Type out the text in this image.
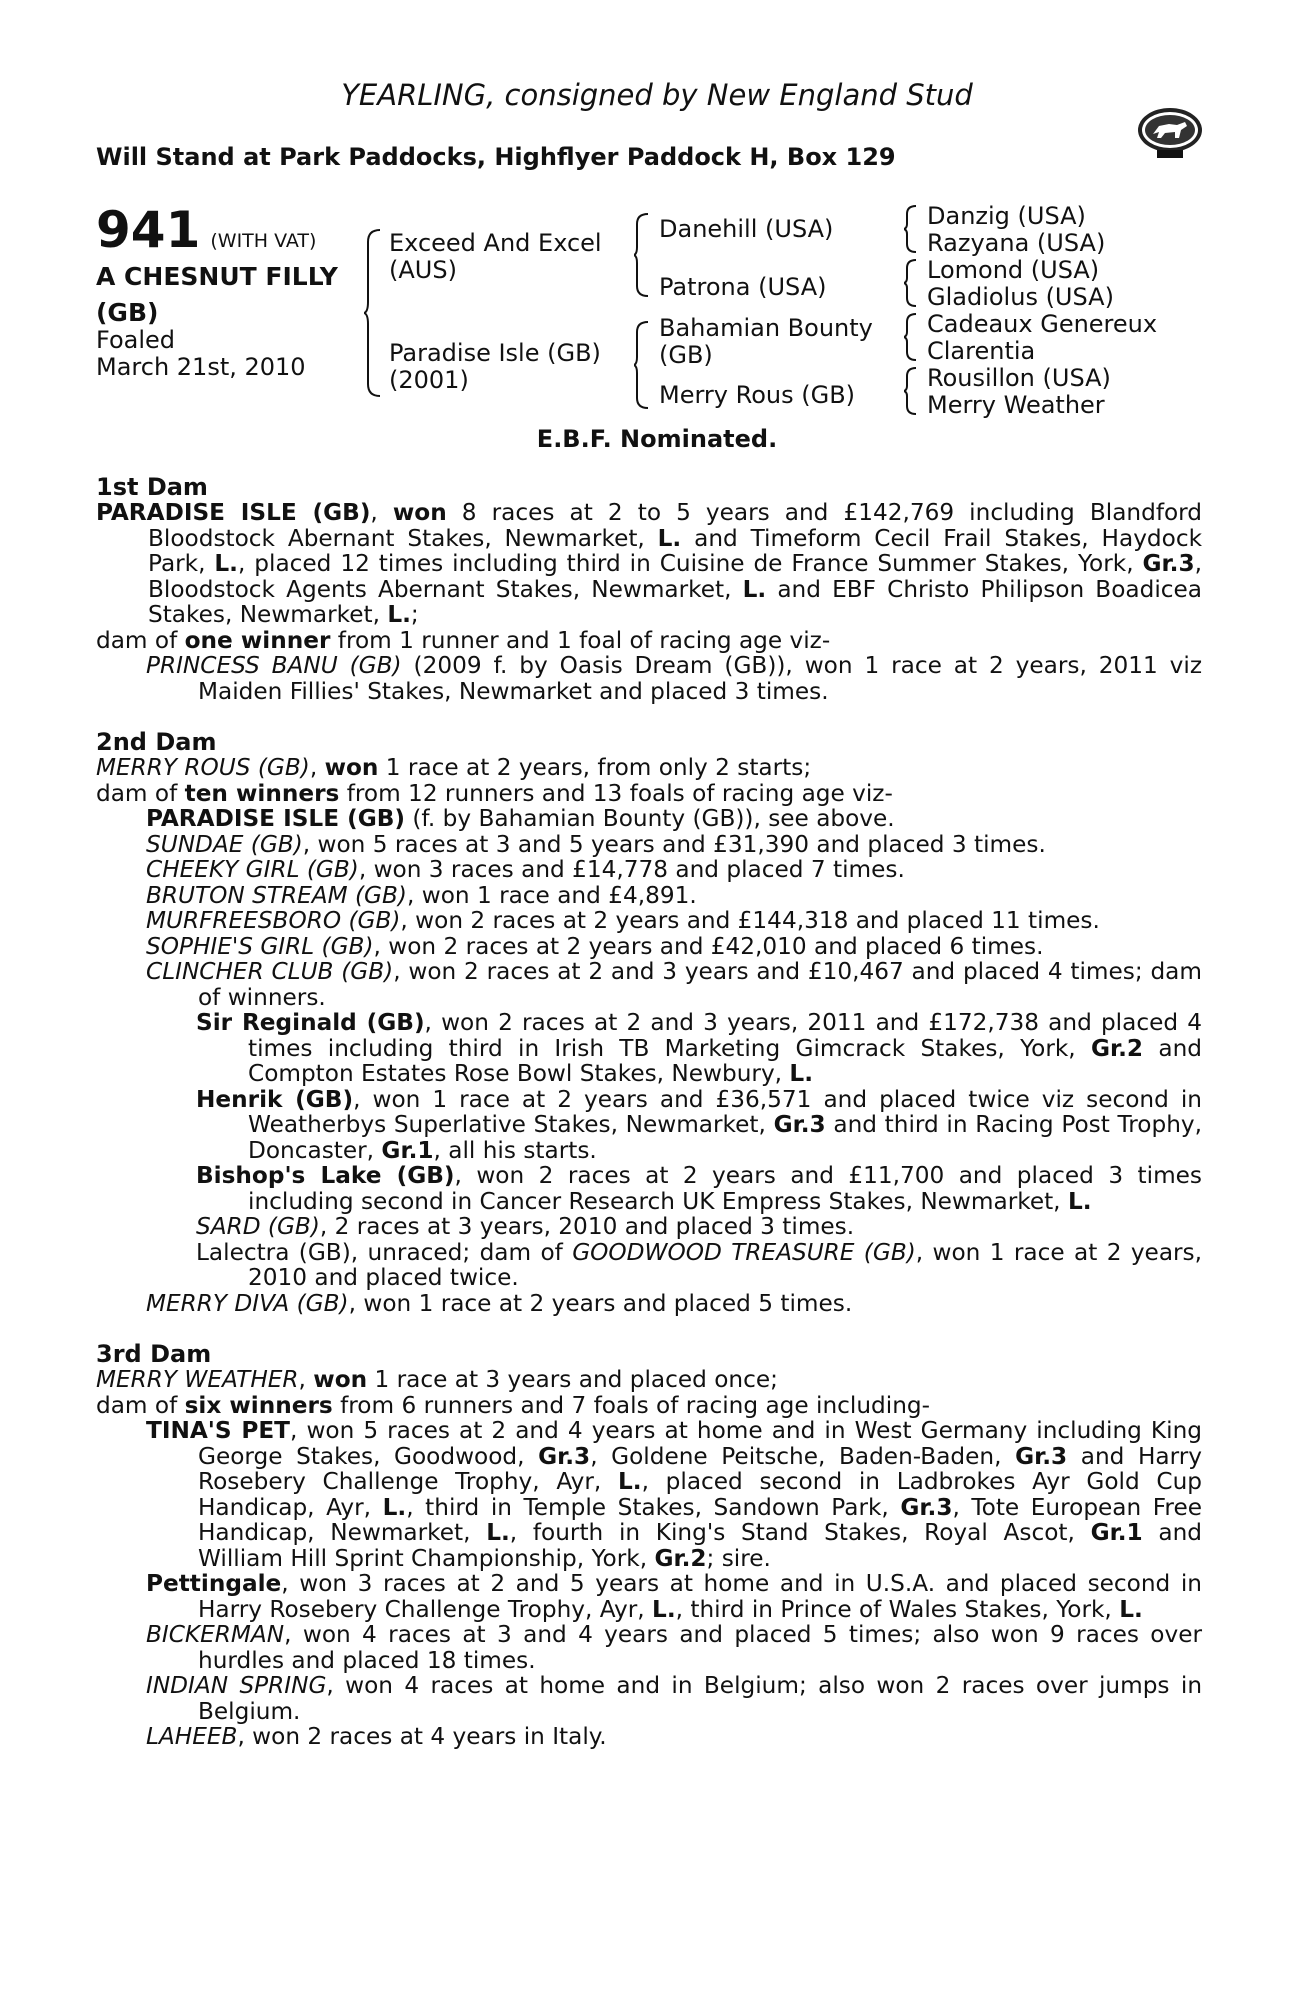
YEARLING, consigned by New England Stud
Will Stand at Park Paddocks, Highflyer Paddock H, Box 129
941 (WITH VAT)
A CHESNUT FILLY
(GB)
Foaled
March 21st, 2010
Exceed And Excel
(AUS)
Paradise Isle (GB)
(2001)
Danehill (USA)
Patrona (USA)
Bahamian Bounty
(GB)
Merry Rous (GB)
Danzig (USA)
Razyana (USA)
Lomond (USA)
Gladiolus (USA)
Cadeaux Genereux
Clarentia
Rousillon (USA)
Merry Weather
E.B.F. Nominated.
1st Dam
PARADISE ISLE (GB), won 8 races at 2 to 5 years and £142,769 including Blandford Bloodstock Abernant Stakes, Newmarket, L. and Timeform Cecil Frail Stakes, Haydock Park, L., placed 12 times including third in Cuisine de France Summer Stakes, York, Gr.3, Bloodstock Agents Abernant Stakes, Newmarket, L. and EBF Christo Philipson Boadicea Stakes, Newmarket, L.;
dam of one winner from 1 runner and 1 foal of racing age viz-
PRINCESS BANU (GB) (2009 f. by Oasis Dream (GB)), won 1 race at 2 years, 2011 viz Maiden Fillies' Stakes, Newmarket and placed 3 times.
2nd Dam
MERRY ROUS (GB), won 1 race at 2 years, from only 2 starts;
dam of ten winners from 12 runners and 13 foals of racing age viz-
PARADISE ISLE (GB) (f. by Bahamian Bounty (GB)), see above.
SUNDAE (GB), won 5 races at 3 and 5 years and £31,390 and placed 3 times.
CHEEKY GIRL (GB), won 3 races and £14,778 and placed 7 times.
BRUTON STREAM (GB), won 1 race and £4,891.
MURFREESBORO (GB), won 2 races at 2 years and £144,318 and placed 11 times.
SOPHIE'S GIRL (GB), won 2 races at 2 years and £42,010 and placed 6 times.
CLINCHER CLUB (GB), won 2 races at 2 and 3 years and £10,467 and placed 4 times; dam of winners.
Sir Reginald (GB), won 2 races at 2 and 3 years, 2011 and £172,738 and placed 4 times including third in Irish TB Marketing Gimcrack Stakes, York, Gr.2 and Compton Estates Rose Bowl Stakes, Newbury, L.
Henrik (GB), won 1 race at 2 years and £36,571 and placed twice viz second in Weatherbys Superlative Stakes, Newmarket, Gr.3 and third in Racing Post Trophy, Doncaster, Gr.1, all his starts.
Bishop's Lake (GB), won 2 races at 2 years and £11,700 and placed 3 times including second in Cancer Research UK Empress Stakes, Newmarket, L.
SARD (GB), 2 races at 3 years, 2010 and placed 3 times.
Lalectra (GB), unraced; dam of GOODWOOD TREASURE (GB), won 1 race at 2 years, 2010 and placed twice.
MERRY DIVA (GB), won 1 race at 2 years and placed 5 times.
3rd Dam
MERRY WEATHER, won 1 race at 3 years and placed once;
dam of six winners from 6 runners and 7 foals of racing age including-
TINA'S PET, won 5 races at 2 and 4 years at home and in West Germany including King George Stakes, Goodwood, Gr.3, Goldene Peitsche, Baden-Baden, Gr.3 and Harry Rosebery Challenge Trophy, Ayr, L., placed second in Ladbrokes Ayr Gold Cup Handicap, Ayr, L., third in Temple Stakes, Sandown Park, Gr.3, Tote European Free Handicap, Newmarket, L., fourth in King's Stand Stakes, Royal Ascot, Gr.1 and William Hill Sprint Championship, York, Gr.2; sire.
Pettingale, won 3 races at 2 and 5 years at home and in U.S.A. and placed second in Harry Rosebery Challenge Trophy, Ayr, L., third in Prince of Wales Stakes, York, L.
BICKERMAN, won 4 races at 3 and 4 years and placed 5 times; also won 9 races over hurdles and placed 18 times.
INDIAN SPRING, won 4 races at home and in Belgium; also won 2 races over jumps in Belgium.
LAHEEB, won 2 races at 4 years in Italy.
